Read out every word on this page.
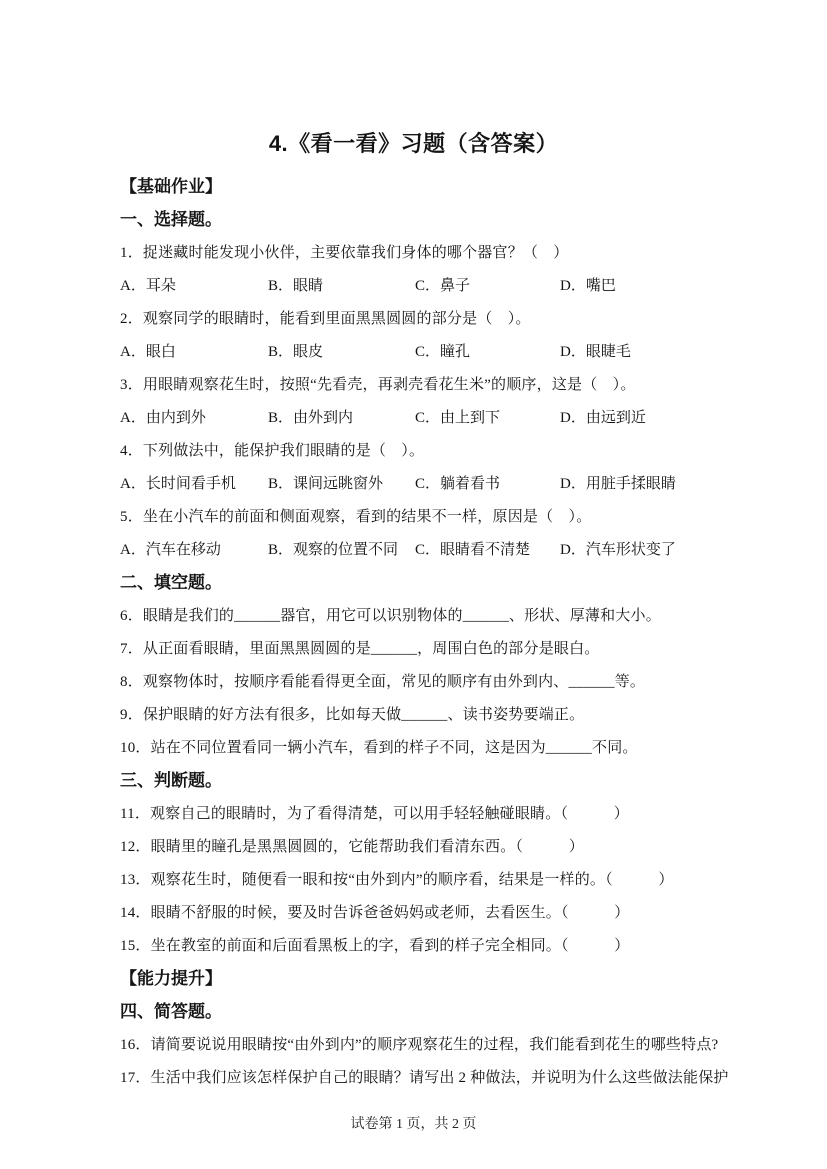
4.《看一看》习题（含答案）
【基础作业】
一、选择题。
1．捉迷藏时能发现小伙伴，主要依靠我们身体的哪个器官？（　）
A．耳朵	B．眼睛	C．鼻子	D．嘴巴
2．观察同学的眼睛时，能看到里面黑黑圆圆的部分是（　）。
A．眼白	B．眼皮	C．瞳孔	D．眼睫毛
3．用眼睛观察花生时，按照“先看壳，再剥壳看花生米”的顺序，这是（　）。
A．由内到外	B．由外到内	C．由上到下	D．由远到近
4．下列做法中，能保护我们眼睛的是（　）。
A．长时间看手机	B．课间远眺窗外	C．躺着看书	D．用脏手揉眼睛
5．坐在小汽车的前面和侧面观察，看到的结果不一样，原因是（　）。
A．汽车在移动	B．观察的位置不同	C．眼睛看不清楚	D．汽车形状变了
二、填空题。
6．眼睛是我们的______器官，用它可以识别物体的______、形状、厚薄和大小。
7．从正面看眼睛，里面黑黑圆圆的是______，周围白色的部分是眼白。
8．观察物体时，按顺序看能看得更全面，常见的顺序有由外到内、______等。
9．保护眼睛的好方法有很多，比如每天做______、读书姿势要端正。
10．站在不同位置看同一辆小汽车，看到的样子不同，这是因为______不同。
三、判断题。
11．观察自己的眼睛时，为了看得清楚，可以用手轻轻触碰眼睛。（　　　）
12．眼睛里的瞳孔是黑黑圆圆的，它能帮助我们看清东西。（　　　）
13．观察花生时，随便看一眼和按“由外到内”的顺序看，结果是一样的。（　　　）
14．眼睛不舒服的时候，要及时告诉爸爸妈妈或老师，去看医生。（　　　）
15．坐在教室的前面和后面看黑板上的字，看到的样子完全相同。（　　　）
【能力提升】
四、简答题。
16．请简要说说用眼睛按“由外到内”的顺序观察花生的过程，我们能看到花生的哪些特点?
17．生活中我们应该怎样保护自己的眼睛？请写出 2 种做法，并说明为什么这些做法能保护
试卷第 1 页，共 2 页
